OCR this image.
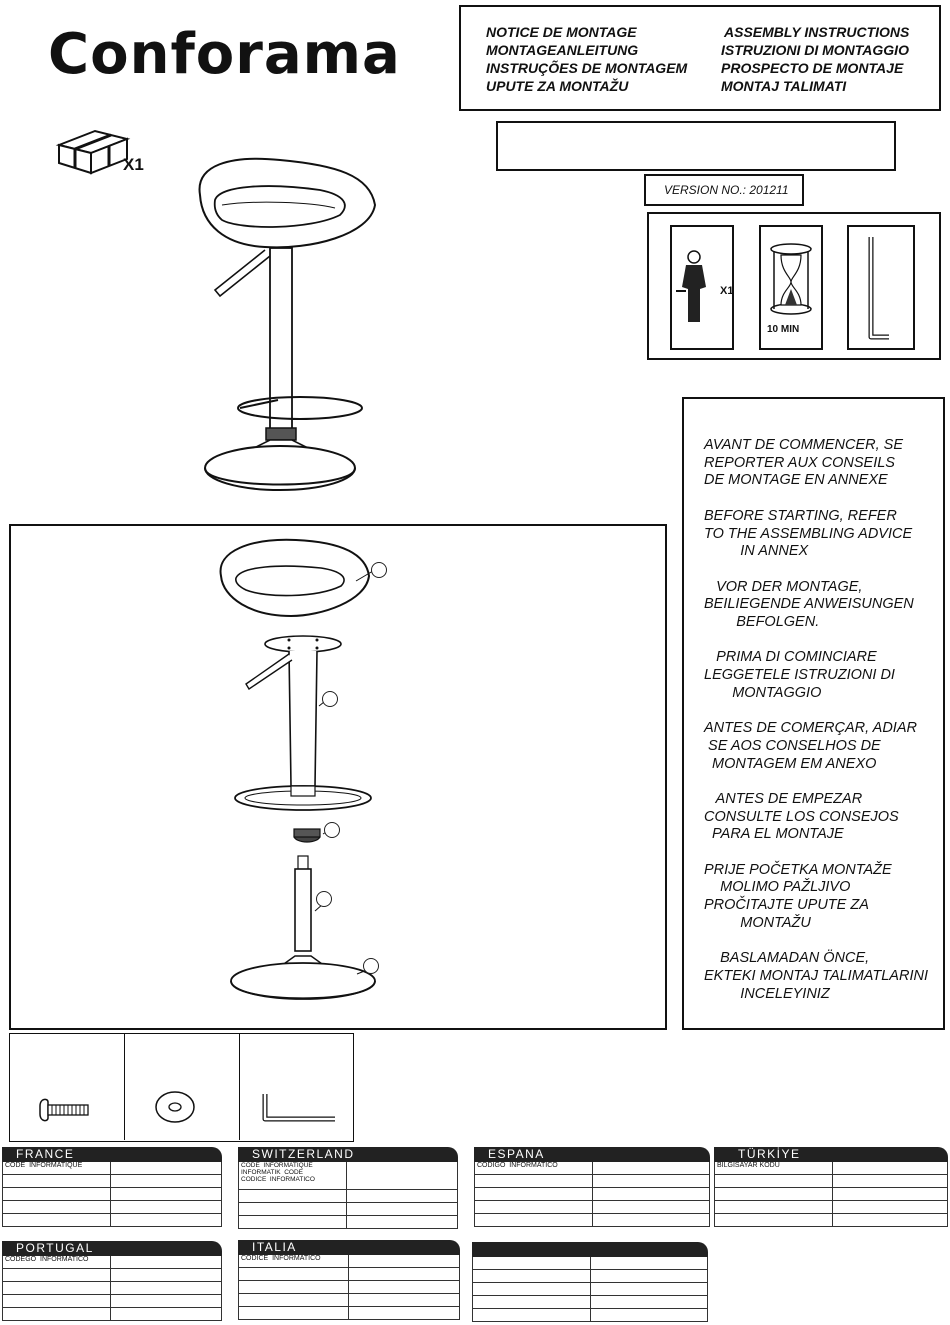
Conforama	NOTICE DE MONTAGE
MONTAGEANLEITUNG
INSTRUÇÕES DE MONTAGEM
UPUTE ZA MONTAŽU
ASSEMBLY INSTRUCTIONS
ISTRUZIONI DI MONTAGGIO
PROSPECTO DE MONTAJE
MONTAJ TALIMATI
VERSION NO.: 201211
X1
X1
10 MIN

AVANT DE COMMENCER, SE
REPORTER AUX CONSEILS
DE MONTAGE EN ANNEXE

BEFORE STARTING, REFER
TO THE ASSEMBLING ADVICE
IN ANNEX

VOR DER MONTAGE,
BEILIEGENDE ANWEISUNGEN
BEFOLGEN.

PRIMA DI COMINCIARE
LEGGETELE ISTRUZIONI DI
MONTAGGIO

ANTES DE COMERÇAR, ADIAR
SE AOS CONSELHOS DE
MONTAGEM EM ANEXO

ANTES DE EMPEZAR
CONSULTE LOS CONSEJOS
PARA EL MONTAJE

PRIJE POČETKA MONTAŽE
MOLIMO PAŽLJIVO
PROČITAJTE UPUTE ZA
MONTAŽU

BASLAMADAN ÖNCE,
EKTEKI MONTAJ TALIMATLARINI
INCELEYINIZ

FRANCE
CODE  INFORMATIQUE
SWITZERLAND
CODE  INFORMATIQUE
INFORMATIK  CODE
CODICE  INFORMATICO
ESPANA
CODIGO  INFORMATICO
TÜRKİYE
BİLGİSAYAR KODU
PORTUGAL
CODEGO  INFORMATICO
ITALIA
CODICE  INFORMATICO
